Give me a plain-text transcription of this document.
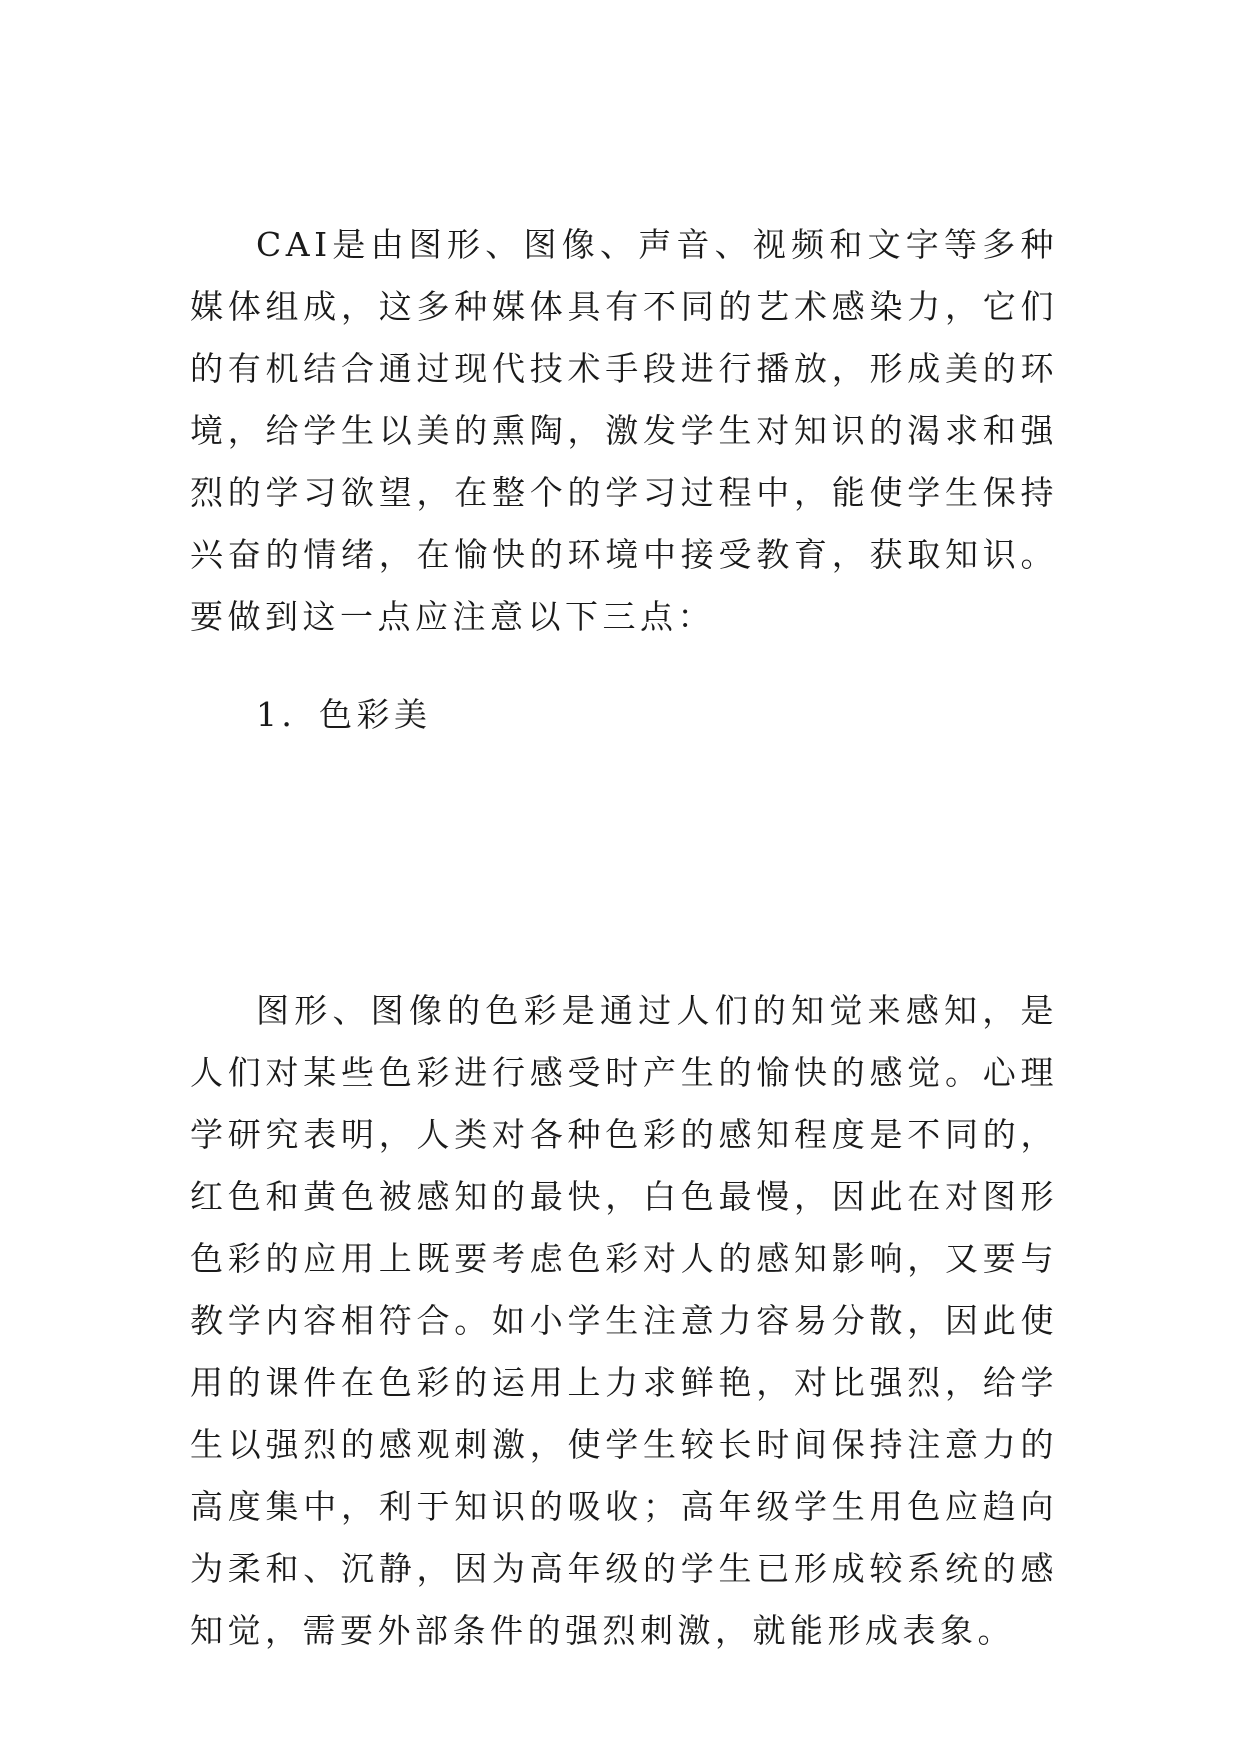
CAI是由图形、图像、声音、视频和文字等多种媒体组成，这多种媒体具有不同的艺术感染力，它们的有机结合通过现代技术手段进行播放，形成美的环境，给学生以美的熏陶，激发学生对知识的渴求和强烈的学习欲望，在整个的学习过程中，能使学生保持兴奋的情绪，在愉快的环境中接受教育，获取知识。要做到这一点应注意以下三点：

1．色彩美

图形、图像的色彩是通过人们的知觉来感知，是人们对某些色彩进行感受时产生的愉快的感觉。心理学研究表明，人类对各种色彩的感知程度是不同的，红色和黄色被感知的最快，白色最慢，因此在对图形色彩的应用上既要考虑色彩对人的感知影响，又要与教学内容相符合。如小学生注意力容易分散，因此使用的课件在色彩的运用上力求鲜艳，对比强烈，给学生以强烈的感观刺激，使学生较长时间保持注意力的高度集中，利于知识的吸收；高年级学生用色应趋向为柔和、沉静，因为高年级的学生已形成较系统的感知觉，需要外部条件的强烈刺激，就能形成表象。
